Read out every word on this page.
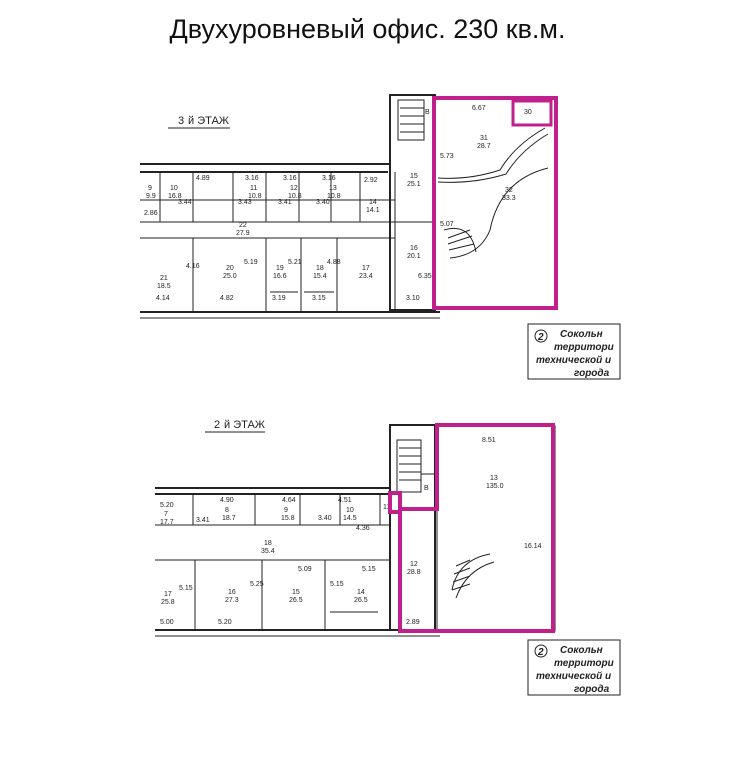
Двухуровневый офис. 230 кв.м.
3 й ЭТАЖ
9
9.9
10
16.8
11
10.8
12
10.8
13
10.8
14
14.1
15
25.1
16
20.1
17
23.4
18
15.4
19
16.6
20
25.0
21
18.5
22
27.9
31
28.7
32
33.3
30
B
4.89	3.16	3.16	3.16	2.92
2.86
3.44	3.43	3.41	3.40
4.16
4.14	4.82
5.19
3.19
5.21
3.15
4.88
3.10
6.35
6.67
5.73
5.07
2 Сокольн
территори
технической и
города
2 й ЭТАЖ
7
17.7
8
18.7
9
15.8
10
14.5
11
12
28.8
13
135.0
14
26.5
15
26.5
16
27.3
17
25.8
18
35.4
B
5.20
4.90	4.64	4.51
3.41	3.40
4.36
5.09	5.15
5.00	5.20
5.15
5.25	5.15
2.89
8.51
16.14
2 Сокольн
территори
технической и
города
